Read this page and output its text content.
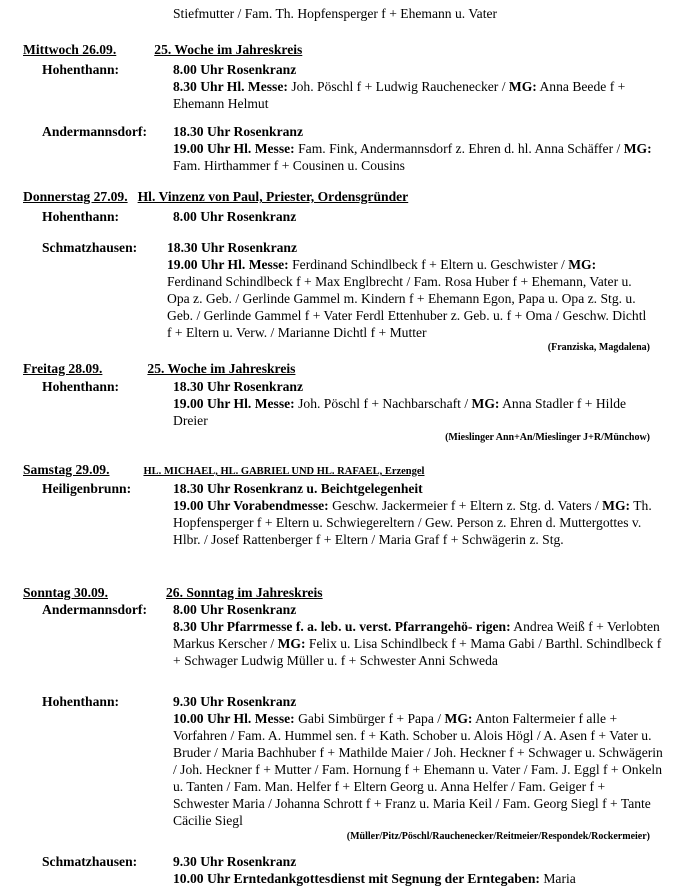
Stiefmutter / Fam. Th. Hopfensperger f + Ehemann u. Vater
Mittwoch 26.09.	25. Woche im Jahreskreis
Hohenthann:	8.00 Uhr Rosenkranz
8.30 Uhr Hl. Messe: Joh. Pöschl f + Ludwig Rauchenecker / MG: Anna Beede f + Ehemann Helmut
Andermannsdorf: 18.30 Uhr Rosenkranz
19.00 Uhr Hl. Messe: Fam. Fink, Andermannsdorf z. Ehren d. hl. Anna Schäffer / MG: Fam. Hirthammer f + Cousinen u. Cousins
Donnerstag 27.09. Hl. Vinzenz von Paul, Priester, Ordensgründer
Hohenthann:	8.00 Uhr Rosenkranz
Schmatzhausen: 18.30 Uhr Rosenkranz
19.00 Uhr Hl. Messe: Ferdinand Schindlbeck f + Eltern u. Geschwister / MG: Ferdinand Schindlbeck f + Max Englbrecht / Fam. Rosa Huber f + Ehemann, Vater u. Opa z. Geb. / Gerlinde Gammel m. Kindern f + Ehemann Egon, Papa u. Opa z. Stg. u. Geb. / Gerlinde Gammel f + Vater Ferdl Ettenhuber z. Geb. u. f + Oma / Geschw. Dichtl f + Eltern u. Verw. / Marianne Dichtl f + Mutter
(Franziska, Magdalena)
Freitag 28.09.	25. Woche im Jahreskreis
Hohenthann:	18.30 Uhr Rosenkranz
19.00 Uhr Hl. Messe: Joh. Pöschl f + Nachbarschaft / MG: Anna Stadler f + Hilde Dreier
(Mieslinger Ann+An/Mieslinger J+R/Münchow)
Samstag 29.09.	HL. MICHAEL, HL. GABRIEL UND HL. RAFAEL, Erzengel
Heiligenbrunn:	18.30 Uhr Rosenkranz u. Beichtgelegenheit
19.00 Uhr Vorabendmesse: Geschw. Jackermeier f + Eltern z. Stg. d. Vaters / MG: Th. Hopfensperger f + Eltern u. Schwiegereltern / Gew. Person z. Ehren d. Muttergottes v. Hlbr. / Josef Rattenberger f + Eltern / Maria Graf f + Schwägerin z. Stg.
Sonntag 30.09.	26. Sonntag im Jahreskreis
Andermannsdorf: 8.00 Uhr Rosenkranz
8.30 Uhr Pfarrmesse f. a. leb. u. verst. Pfarrangehö- rigen: Andrea Weiß f + Verlobten Markus Kerscher / MG: Felix u. Lisa Schindlbeck f + Mama Gabi / Barthl. Schindlbeck f + Schwager Ludwig Müller u. f + Schwester Anni Schweda
Hohenthann:	9.30 Uhr Rosenkranz
10.00 Uhr Hl. Messe: Gabi Simbürger f + Papa / MG: Anton Faltermeier f alle + Vorfahren / Fam. A. Hummel sen. f + Kath. Schober u. Alois Högl / A. Asen f + Vater u. Bruder / Maria Bachhuber f + Mathilde Maier / Joh. Heckner f + Schwager u. Schwägerin / Joh. Heckner f + Mutter / Fam. Hornung f + Ehemann u. Vater / Fam. J. Eggl f + Onkeln u. Tanten / Fam. Man. Helfer f + Eltern Georg u. Anna Helfer / Fam. Geiger f + Schwester Maria / Johanna Schrott f + Franz u. Maria Keil / Fam. Georg Siegl f + Tante Cäcilie Siegl
(Müller/Pitz/Pöschl/Rauchenecker/Reitmeier/Respondek/Rockermeier)
Schmatzhausen:	9.30 Uhr Rosenkranz
10.00 Uhr Erntedankgottesdienst mit Segnung der Erntegaben: Maria
